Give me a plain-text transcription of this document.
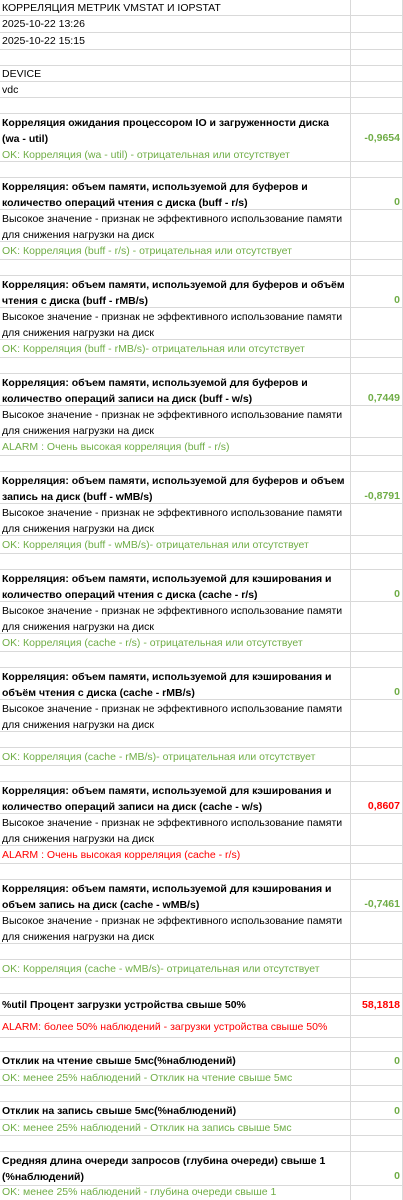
КОРРЕЛЯЦИЯ МЕТРИК VMSTAT И IOPSTAT
2025-10-22 13:26
2025-10-22 15:15
DEVICE
vdc
Корреляция ожидания процессором IO и загруженности диска (wa - util)	-0,9654
OK: Корреляция (wa - util) - отрицательная или отсутствует
Корреляция: объем памяти, используемой для буферов и количество операций чтения с диска (buff - r/s)	0
Высокое значение - признак не эффективного использование памяти для снижения нагрузки на диск
OK: Корреляция (buff - r/s) - отрицательная или отсутствует
Корреляция: объем памяти, используемой для буферов и объём чтения с диска (buff - rMB/s)	0
Высокое значение - признак не эффективного использование памяти для снижения нагрузки на диск
OK: Корреляция (buff - rMB/s)- отрицательная или отсутствует
Корреляция: объем памяти, используемой для буферов и количество операций записи на диск (buff - w/s)	0,7449
Высокое значение - признак не эффективного использование памяти для снижения нагрузки на диск
ALARM : Очень высокая корреляция (buff - r/s)
Корреляция: объем памяти, используемой для буферов и объем запись на диск (buff - wMB/s)	-0,8791
Высокое значение - признак не эффективного использование памяти для снижения нагрузки на диск
OK: Корреляция (buff - wMB/s)- отрицательная или отсутствует
Корреляция: объем памяти, используемой для кэширования и количество операций чтения с диска (cache - r/s)	0
Высокое значение - признак не эффективного использование памяти для снижения нагрузки на диск
OK: Корреляция (cache - r/s) - отрицательная или отсутствует
Корреляция: объем памяти, используемой для кэширования и объём чтения с диска (cache - rMB/s)	0
Высокое значение - признак не эффективного использование памяти для снижения нагрузки на диск
OK: Корреляция (cache - rMB/s)- отрицательная или отсутствует
Корреляция: объем памяти, используемой для кэширования и количество операций записи на диск (cache - w/s)	0,8607
Высокое значение - признак не эффективного использование памяти для снижения нагрузки на диск
ALARM : Очень высокая корреляция (cache - r/s)
Корреляция: объем памяти, используемой для кэширования и объем запись на диск (cache - wMB/s)	-0,7461
Высокое значение - признак не эффективного использование памяти для снижения нагрузки на диск
OK: Корреляция (cache - wMB/s)- отрицательная или отсутствует
%util Процент загрузки устройства свыше 50%	58,1818
ALARM: более 50% наблюдений - загрузки устройства свыше 50%
Отклик на чтение свыше 5мс(%наблюдений)	0
OK: менее 25% наблюдений - Отклик на чтение свыше 5мс
Отклик на запись свыше 5мс(%наблюдений)	0
OK: менее 25% наблюдений - Отклик на запись свыше 5мс
Средняя длина очереди запросов (глубина очереди) свыше 1 (%наблюдений)	0
OK: менее 25% наблюдений - глубина очереди свыше 1
